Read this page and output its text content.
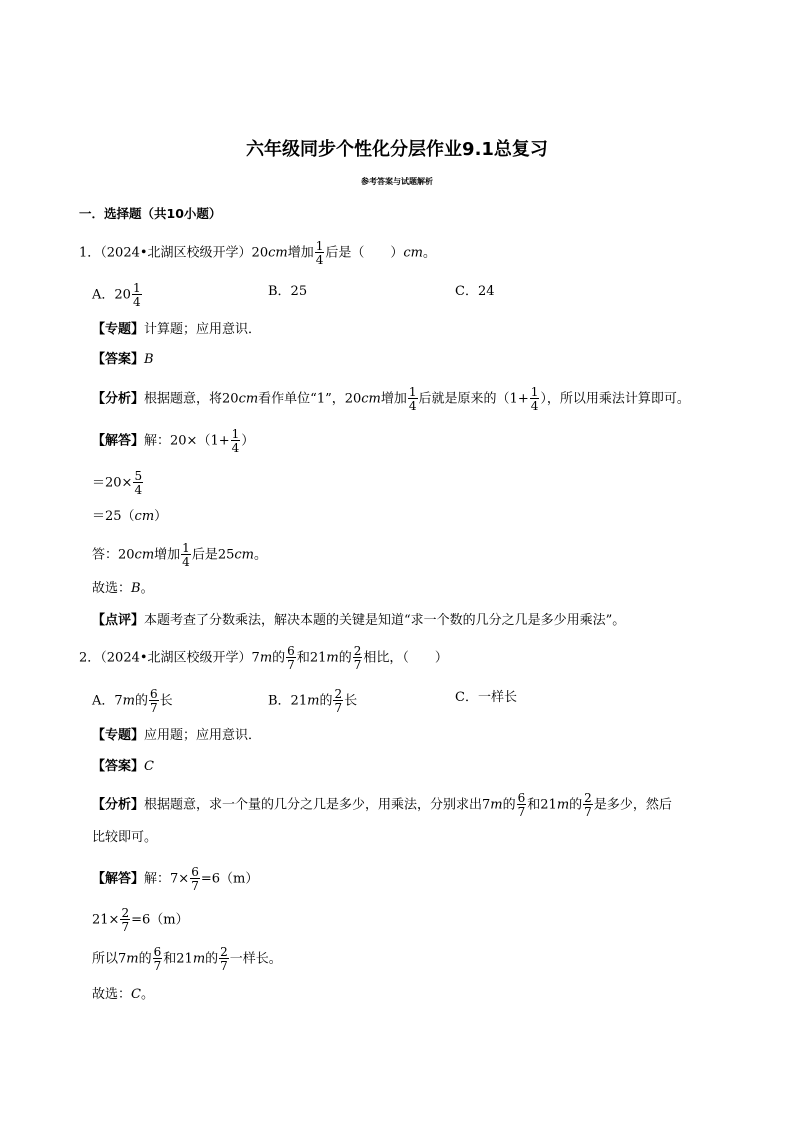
六年级同步个性化分层作业9.1总复习
参考答案与试题解析
一．选择题（共10小题）
1．（2024•北湖区校级开学）20cm增加 $\frac{1}{4}$ 后是（　　）cm。
A．$20 \frac{1}{4}$	B．25	C．24
【专题】计算题；应用意识．
【答案】B
【分析】根据题意，将20cm看作单位“1”，20cm增加 $\frac{1}{4}$ 后就是原来的（$1+ \frac{1}{4}$ ），所以用乘法计算即可。
【解答】解：$20\times(1+ \frac{1}{4}$ ）
$=20\times \frac{5}{4}$
＝25（cm）
答：20cm增加 $\frac{1}{4}$ 后是25cm。
故选：B。
【点评】本题考查了分数乘法，解决本题的关键是知道“求一个数的几分之几是多少用乘法”。
2．（2024•北湖区校级开学）7m的 $\frac{6}{7}$ 和21m的 $\frac{2}{7}$ 相比，（　　）
A．7m的 $\frac{6}{7}$ 长	B．21m的 $\frac{2}{7}$ 长	C．一样长
【专题】应用题；应用意识．
【答案】C
【分析】根据题意，求一个量的几分之几是多少，用乘法，分别求出7m的 $\frac{6}{7}$ 和21m的 $\frac{2}{7}$ 是多少，然后
比较即可。
【解答】解：$7\times \frac{6}{7} =6(m)$
$21\times \frac{2}{7} =6(m)$
所以7m的 $\frac{6}{7}$ 和21m的 $\frac{2}{7}$ 一样长。
故选：C。
